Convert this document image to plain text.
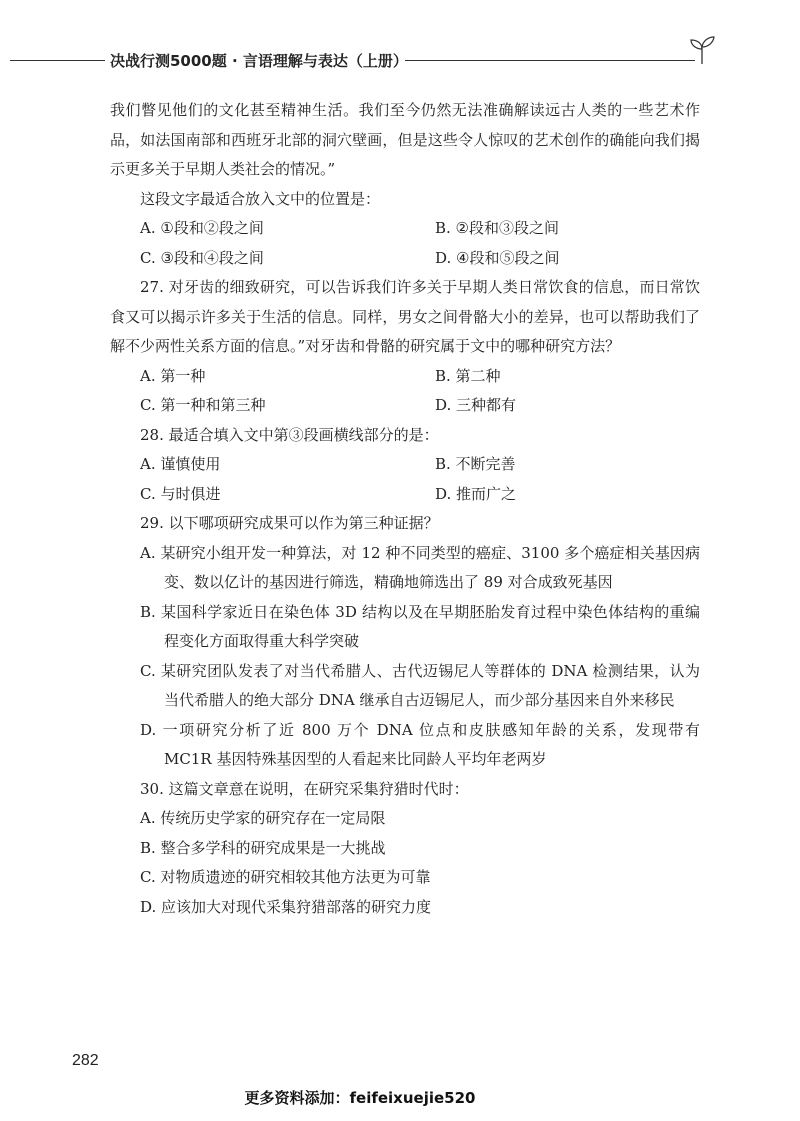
决战行测5000题 · 言语理解与表达（上册）

我们瞥见他们的文化甚至精神生活。我们至今仍然无法准确解读远古人类的一些艺术作品，如法国南部和西班牙北部的洞穴壁画，但是这些令人惊叹的艺术创作的确能向我们揭示更多关于早期人类社会的情况。”

这段文字最适合放入文中的位置是：

A. ①段和②段之间	B. ②段和③段之间
C. ③段和④段之间	D. ④段和⑤段之间

27. 对牙齿的细致研究，可以告诉我们许多关于早期人类日常饮食的信息，而日常饮食又可以揭示许多关于生活的信息。同样，男女之间骨骼大小的差异，也可以帮助我们了解不少两性关系方面的信息。”对牙齿和骨骼的研究属于文中的哪种研究方法？

A. 第一种	B. 第二种
C. 第一种和第三种	D. 三种都有

28. 最适合填入文中第③段画横线部分的是：

A. 谨慎使用	B. 不断完善
C. 与时俱进	D. 推而广之

29. 以下哪项研究成果可以作为第三种证据？

A. 某研究小组开发一种算法，对 12 种不同类型的癌症、3100 多个癌症相关基因病变、数以亿计的基因进行筛选，精确地筛选出了 89 对合成致死基因

B. 某国科学家近日在染色体 3D 结构以及在早期胚胎发育过程中染色体结构的重编程变化方面取得重大科学突破

C. 某研究团队发表了对当代希腊人、古代迈锡尼人等群体的 DNA 检测结果，认为当代希腊人的绝大部分 DNA 继承自古迈锡尼人，而少部分基因来自外来移民

D. 一项研究分析了近 800 万个 DNA 位点和皮肤感知年龄的关系，发现带有 MC1R 基因特殊基因型的人看起来比同龄人平均年老两岁

30. 这篇文章意在说明，在研究采集狩猎时代时：

A. 传统历史学家的研究存在一定局限

B. 整合多学科的研究成果是一大挑战

C. 对物质遗迹的研究相较其他方法更为可靠

D. 应该加大对现代采集狩猎部落的研究力度

282
更多资料添加：feifeixuejie520
